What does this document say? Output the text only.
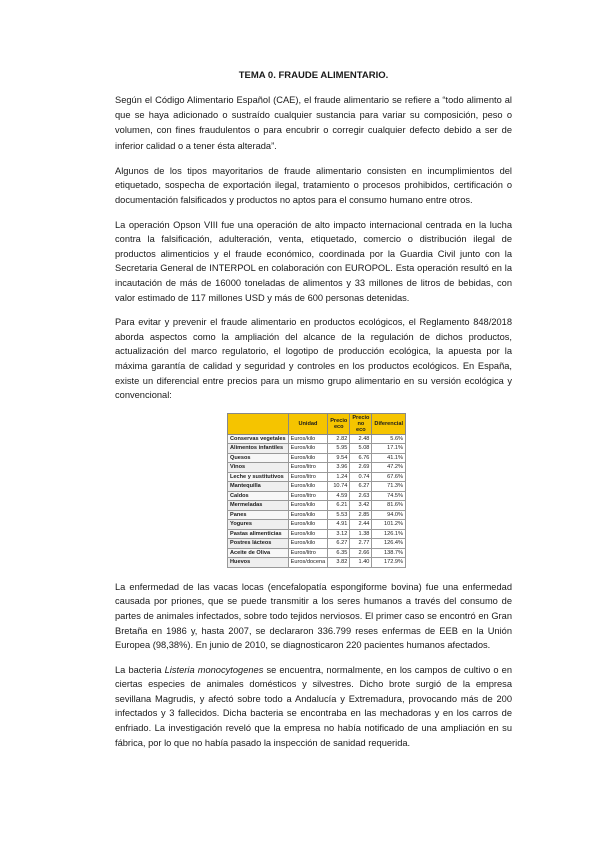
TEMA 0. FRAUDE ALIMENTARIO.

Según el Código Alimentario Español (CAE), el fraude alimentario se refiere a “todo alimento al que se haya adicionado o sustraído cualquier sustancia para variar su composición, peso o volumen, con fines fraudulentos o para encubrir o corregir cualquier defecto debido a ser de inferior calidad o a tener ésta alterada”.

Algunos de los tipos mayoritarios de fraude alimentario consisten en incumplimientos del etiquetado, sospecha de exportación ilegal, tratamiento o procesos prohibidos, certificación o documentación falsificados y productos no aptos para el consumo humano entre otros.

La operación Opson VIII fue una operación de alto impacto internacional centrada en la lucha contra la falsificación, adulteración, venta, etiquetado, comercio o distribución ilegal de productos alimenticios y el fraude económico, coordinada por la Guardia Civil junto con la Secretaria General de INTERPOL en colaboración con EUROPOL. Esta operación resultó en la incautación de más de 16000 toneladas de alimentos y 33 millones de litros de bebidas, con valor estimado de 117 millones USD y más de 600 personas detenidas.

Para evitar y prevenir el fraude alimentario en productos ecológicos, el Reglamento 848/2018 aborda aspectos como la ampliación del alcance de la regulación de dichos productos, actualización del marco regulatorio, el logotipo de producción ecológica, la apuesta por la máxima garantía de calidad y seguridad y controles en los productos ecológicos. En España, existe un diferencial entre precios para un mismo grupo alimentario en su versión ecológica y convencional:

	Unidad	Precio eco	Precio no eco	Diferencial
Conservas vegetales	Euros/kilo	2.82	2.48	5.6%
Alimentos infantiles	Euros/kilo	5.95	5.08	17.1%
Quesos	Euros/kilo	9.54	6.76	41.1%
Vinos	Euros/litro	3.96	2.69	47.2%
Leche y sustitutivos	Euros/litro	1.24	0.74	67.6%
Mantequilla	Euros/kilo	10.74	6.27	71.3%
Caldos	Euros/litro	4.59	2.63	74.5%
Mermeladas	Euros/kilo	6.21	3.42	81.6%
Panes	Euros/kilo	5.53	2.85	94.0%
Yogures	Euros/kilo	4.91	2.44	101.2%
Pastas alimenticias	Euros/kilo	3.12	1.38	126.1%
Postres lácteos	Euros/kilo	6.27	2.77	126.4%
Aceite de Oliva	Euros/litro	6.35	2.66	138.7%
Huevos	Euros/docena	3.82	1.40	172.9%

La enfermedad de las vacas locas (encefalopatía espongiforme bovina) fue una enfermedad causada por priones, que se puede transmitir a los seres humanos a través del consumo de partes de animales infectados, sobre todo tejidos nerviosos. El primer caso se encontró en Gran Bretaña en 1986 y, hasta 2007, se declararon 336.799 reses enfermas de EEB en la Unión Europea (98,38%). En junio de 2010, se diagnosticaron 220 pacientes humanos afectados.

La bacteria Listeria monocytogenes se encuentra, normalmente, en los campos de cultivo o en ciertas especies de animales domésticos y silvestres. Dicho brote surgió de la empresa sevillana Magrudis, y afectó sobre todo a Andalucía y Extremadura, provocando más de 200 infectados y 3 fallecidos. Dicha bacteria se encontraba en las mechadoras y en los carros de enfriado. La investigación reveló que la empresa no había notificado de una ampliación en su fábrica, por lo que no había pasado la inspección de sanidad requerida.
